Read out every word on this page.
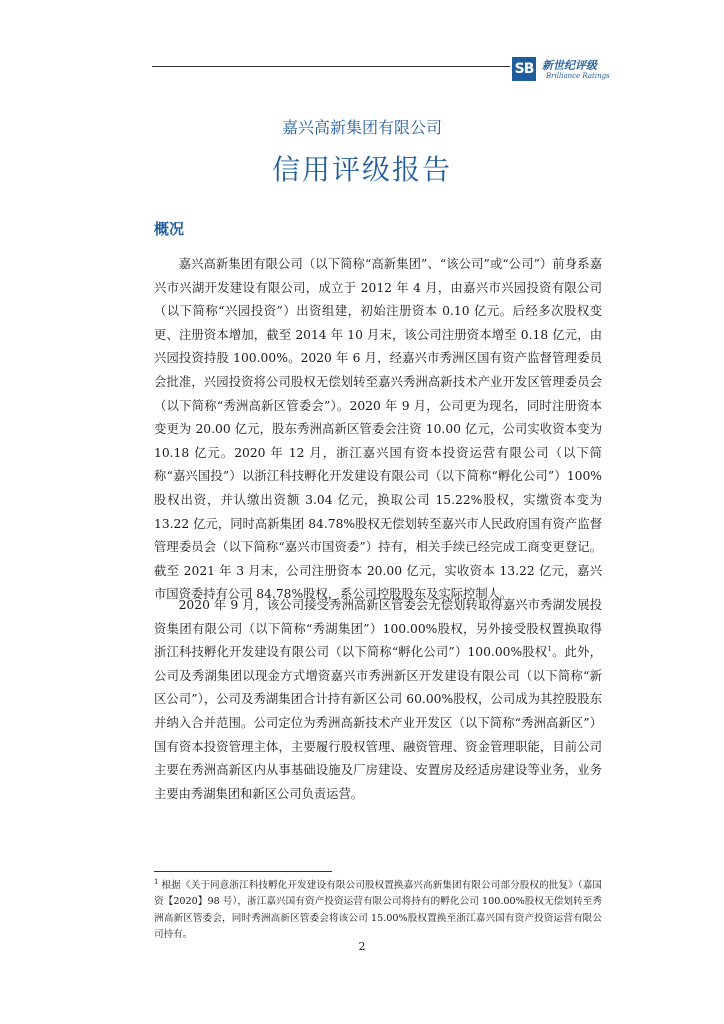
SB 新世纪评级
Brilliance Ratings
嘉兴高新集团有限公司
信用评级报告
概况

嘉兴高新集团有限公司（以下简称“高新集团”、“该公司”或“公司”）前身系嘉兴市兴湖开发建设有限公司，成立于 2012 年 4 月，由嘉兴市兴园投资有限公司（以下简称“兴园投资”）出资组建，初始注册资本 0.10 亿元。后经多次股权变更、注册资本增加，截至 2014 年 10 月末，该公司注册资本增至 0.18 亿元，由兴园投资持股 100.00%。2020 年 6 月，经嘉兴市秀洲区国有资产监督管理委员会批准，兴园投资将公司股权无偿划转至嘉兴秀洲高新技术产业开发区管理委员会（以下简称“秀洲高新区管委会”）。2020 年 9 月，公司更为现名，同时注册资本变更为 20.00 亿元，股东秀洲高新区管委会注资 10.00 亿元，公司实收资本变为 10.18 亿元。2020 年 12 月，浙江嘉兴国有资本投资运营有限公司（以下简称“嘉兴国投”）以浙江科技孵化开发建设有限公司（以下简称“孵化公司”）100%股权出资，并认缴出资额 3.04 亿元，换取公司 15.22%股权，实缴资本变为 13.22 亿元，同时高新集团 84.78%股权无偿划转至嘉兴市人民政府国有资产监督管理委员会（以下简称“嘉兴市国资委”）持有，相关手续已经完成工商变更登记。截至 2021 年 3 月末，公司注册资本 20.00 亿元，实收资本 13.22 亿元，嘉兴市国资委持有公司 84.78%股权，系公司控股股东及实际控制人。

2020 年 9 月，该公司接受秀洲高新区管委会无偿划转取得嘉兴市秀湖发展投资集团有限公司（以下简称“秀湖集团”）100.00%股权，另外接受股权置换取得浙江科技孵化开发建设有限公司（以下简称“孵化公司”）100.00%股权$^1$。此外，公司及秀湖集团以现金方式增资嘉兴市秀洲新区开发建设有限公司（以下简称“新区公司”），公司及秀湖集团合计持有新区公司 60.00%股权，公司成为其控股股东并纳入合并范围。公司定位为秀洲高新技术产业开发区（以下简称“秀洲高新区”）国有资本投资管理主体，主要履行股权管理、融资管理、资金管理职能，目前公司主要在秀洲高新区内从事基础设施及厂房建设、安置房及经适房建设等业务，业务主要由秀湖集团和新区公司负责运营。

$^1$ 根据《关于同意浙江科技孵化开发建设有限公司股权置换嘉兴高新集团有限公司部分股权的批复》（嘉国资【2020】98 号），浙江嘉兴国有资产投资运营有限公司将持有的孵化公司 100.00%股权无偿划转至秀洲高新区管委会，同时秀洲高新区管委会将该公司 15.00%股权置换至浙江嘉兴国有资产投资运营有限公司持有。

2
